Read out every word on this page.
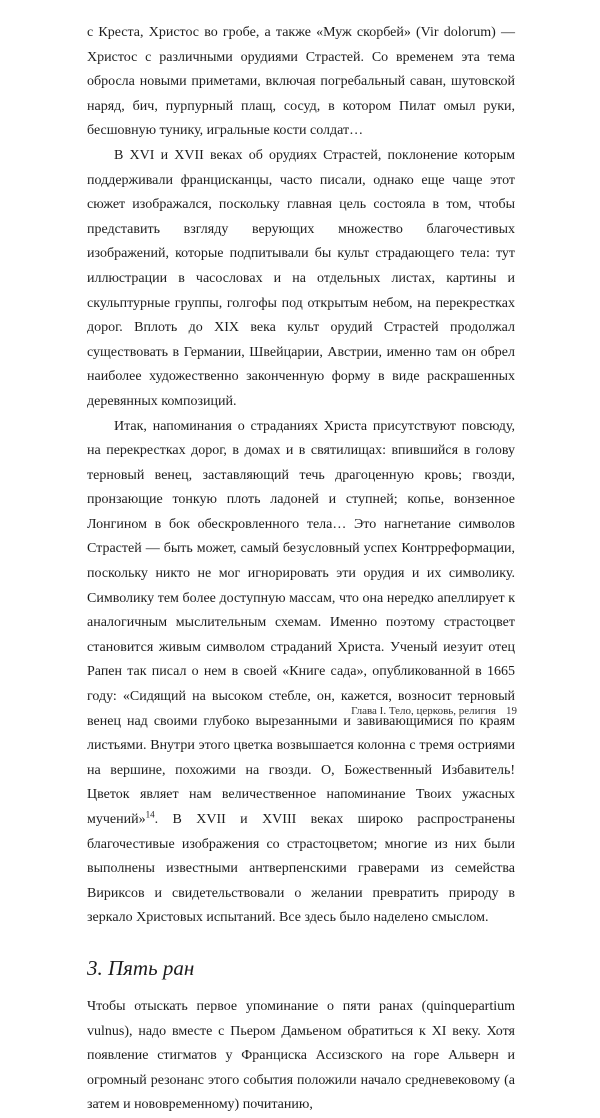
с Креста, Христос во гробе, а также «Муж скорбей» (Vir dolorum) — Христос с различными орудиями Страстей. Со временем эта тема обросла новыми приметами, включая погребальный саван, шутовской наряд, бич, пурпурный плащ, сосуд, в котором Пилат омыл руки, бесшовную тунику, игральные кости солдат…

В XVI и XVII веках об орудиях Страстей, поклонение которым поддерживали францисканцы, часто писали, однако еще чаще этот сюжет изображался, поскольку главная цель состояла в том, чтобы представить взгляду верующих множество благочестивых изображений, которые подпитывали бы культ страдающего тела: тут иллюстрации в часословах и на отдельных листах, картины и скульптурные группы, голгофы под открытым небом, на перекрестках дорог. Вплоть до XIX века культ орудий Страстей продолжал существовать в Германии, Швейцарии, Австрии, именно там он обрел наиболее художественно законченную форму в виде раскрашенных деревянных композиций.

Итак, напоминания о страданиях Христа присутствуют повсюду, на перекрестках дорог, в домах и в святилищах: впившийся в голову терновый венец, заставляющий течь драгоценную кровь; гвозди, пронзающие тонкую плоть ладоней и ступней; копье, вонзенное Лонгином в бок обескровленного тела… Это нагнетание символов Страстей — быть может, самый безусловный успех Контрреформации, поскольку никто не мог игнорировать эти орудия и их символику. Символику тем более доступную массам, что она нередко апеллирует к аналогичным мыслительным схемам. Именно поэтому страстоцвет становится живым символом страданий Христа. Ученый иезуит отец Рапен так писал о нем в своей «Книге сада», опубликованной в 1665 году: «Сидящий на высоком стебле, он, кажется, возносит терновый венец над своими глубоко вырезанными и завивающимися по краям листьями. Внутри этого цветка возвышается колонна с тремя остриями на вершине, похожими на гвозди. О, Божественный Избавитель! Цветок являет нам величественное напоминание Твоих ужасных мучений»$^{14}$. В XVII и XVIII веках широко распространены благочестивые изображения со страстоцветом; многие из них были выполнены известными антверпенскими граверами из семейства Вириксов и свидетельствовали о желании превратить природу в зеркало Христовых испытаний. Все здесь было наделено смыслом.

3. Пять ран

Чтобы отыскать первое упоминание о пяти ранах (quinquepartium vulnus), надо вместе с Пьером Дамьеном обратиться к XI веку. Хотя появление стигматов у Франциска Ассизского на горе Альверн и огромный резонанс этого события положили начало средневековому (а затем и нововременному) почитанию,

Глава I. Тело, церковь, религия 19
